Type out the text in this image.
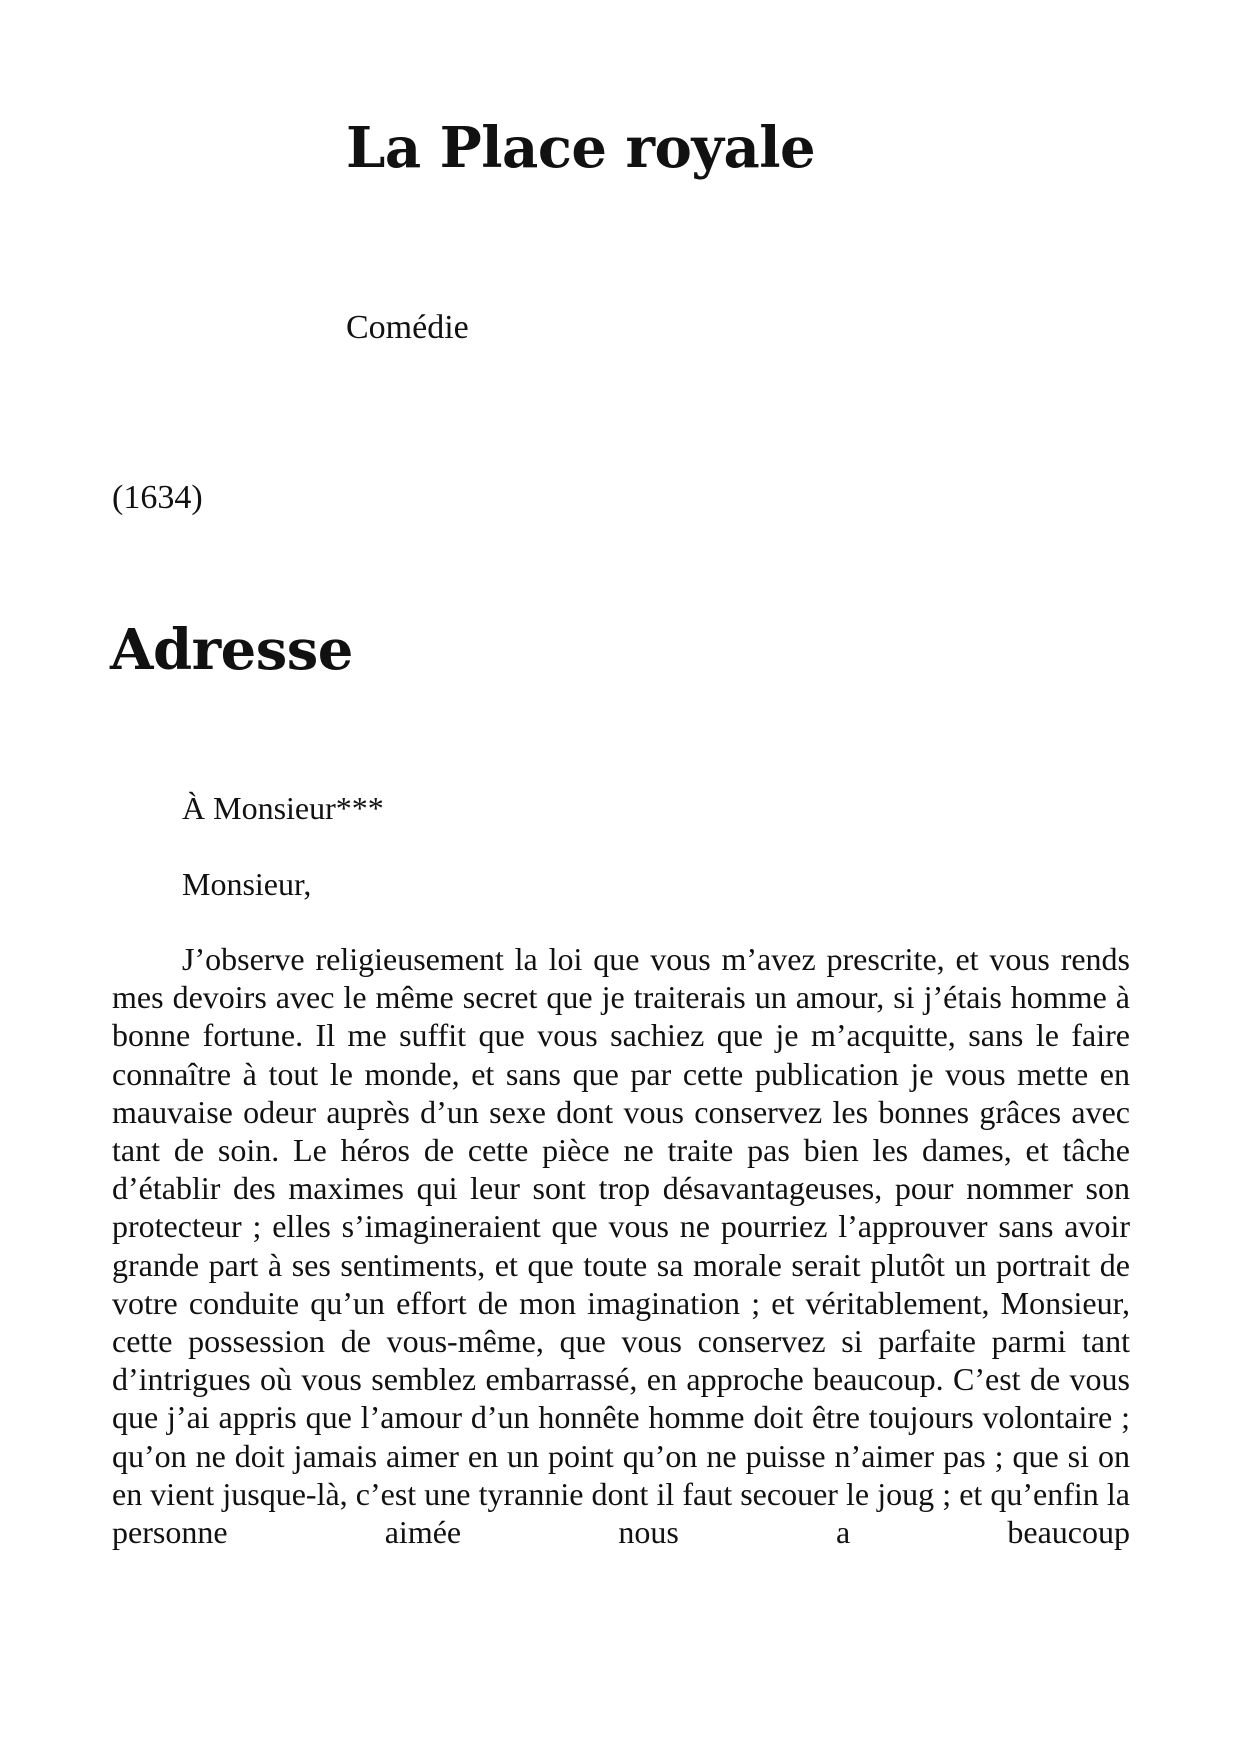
La Place royale

Comédie

(1634)

Adresse

À Monsieur***

Monsieur,

J’observe religieusement la loi que vous m’avez prescrite, et vous rends mes devoirs avec le même secret que je traiterais un amour, si j’étais homme à bonne fortune. Il me suffit que vous sachiez que je m’acquitte, sans le faire connaître à tout le monde, et sans que par cette publication je vous mette en mauvaise odeur auprès d’un sexe dont vous conservez les bonnes grâces avec tant de soin. Le héros de cette pièce ne traite pas bien les dames, et tâche d’établir des maximes qui leur sont trop désavantageuses, pour nommer son protecteur ; elles s’imagineraient que vous ne pourriez l’approuver sans avoir grande part à ses sentiments, et que toute sa morale serait plutôt un portrait de votre conduite qu’un effort de mon imagination ; et véritablement, Monsieur, cette possession de vous-même, que vous conservez si parfaite parmi tant d’intrigues où vous semblez embarrassé, en approche beaucoup. C’est de vous que j’ai appris que l’amour d’un honnête homme doit être toujours volontaire ; qu’on ne doit jamais aimer en un point qu’on ne puisse n’aimer pas ; que si on en vient jusque-là, c’est une tyrannie dont il faut secouer le joug ; et qu’enfin la personne aimée nous a beaucoup
